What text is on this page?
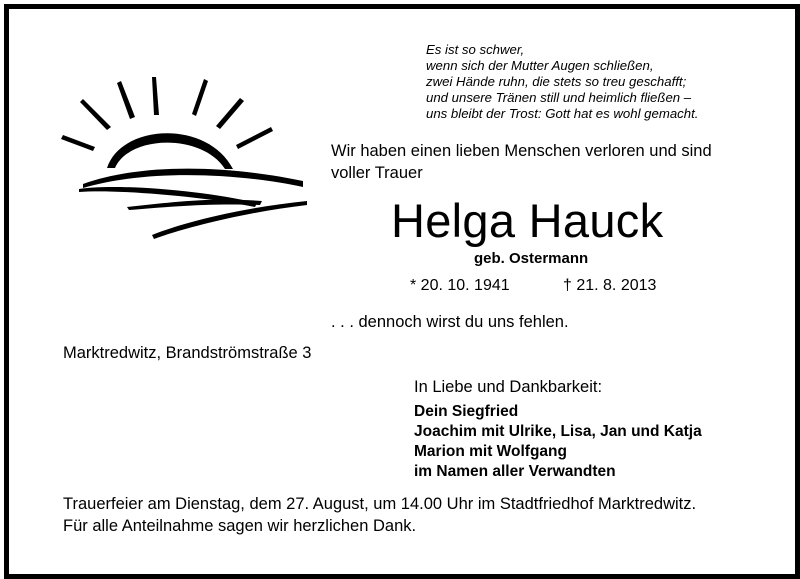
Es ist so schwer,
wenn sich der Mutter Augen schließen,
zwei Hände ruhn, die stets so treu geschafft;
und unsere Tränen still und heimlich fließen –
uns bleibt der Trost: Gott hat es wohl gemacht.
Wir haben einen lieben Menschen verloren und sind
voller Trauer
Helga Hauck
geb. Ostermann
* 20. 10. 1941	† 21. 8. 2013
. . . dennoch wirst du uns fehlen.
Marktredwitz, Brandströmstraße 3
In Liebe und Dankbarkeit:
Dein Siegfried
Joachim mit Ulrike, Lisa, Jan und Katja
Marion mit Wolfgang
im Namen aller Verwandten
Trauerfeier am Dienstag, dem 27. August, um 14.00 Uhr im Stadtfriedhof Marktredwitz.
Für alle Anteilnahme sagen wir herzlichen Dank.
